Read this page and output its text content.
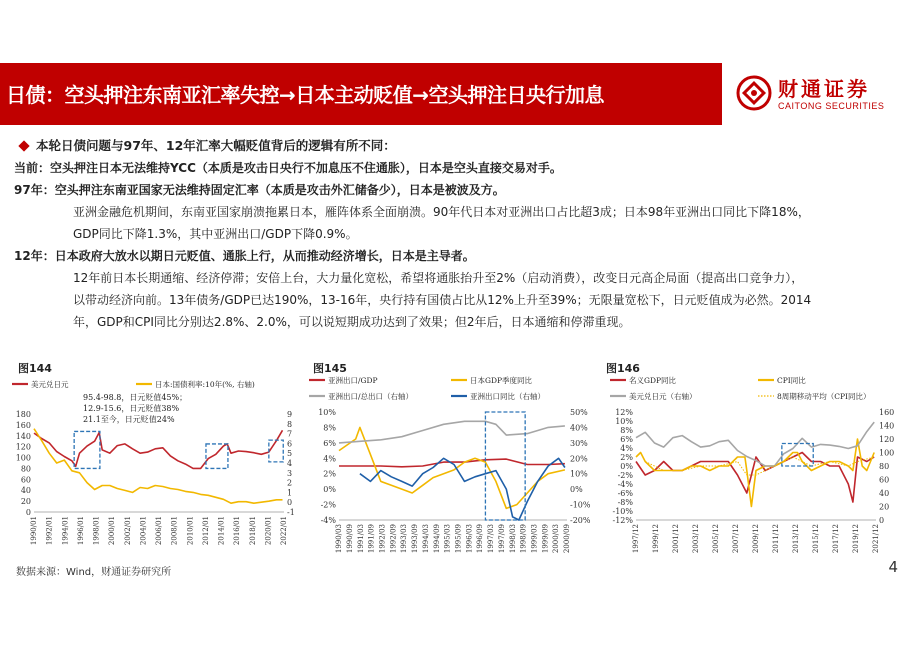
日债：空头押注东南亚汇率失控→日本主动贬值→空头押注日央行加息	财通证券
CAITONG SECURITIES
本轮日债问题与97年、12年汇率大幅贬值背后的逻辑有所不同：
当前：空头押注日本无法维持YCC（本质是攻击日央行不加息压不住通胀），日本是空头直接交易对手。
97年：空头押注东南亚国家无法维持固定汇率（本质是攻击外汇储备少），日本是被波及方。
亚洲金融危机期间，东南亚国家崩溃拖累日本，雁阵体系全面崩溃。90年代日本对亚洲出口占比超3成；日本98年亚洲出口同比下降18%，
GDP同比下降1.3%，其中亚洲出口/GDP下降0.9%。
12年：日本政府大放水以期日元贬值、通胀上行，从而推动经济增长，日本是主导者。
12年前日本长期通缩、经济停滞；安倍上台，大力量化宽松，希望将通胀抬升至2%（启动消费），改变日元高企局面（提高出口竞争力），
以带动经济向前。13年债务/GDP已达190%，13-16年，央行持有国债占比从12%上升至39%；无限量宽松下，日元贬值成为必然。2014
年，GDP和CPI同比分别达2.8%、2.0%，可以说短期成功达到了效果；但2年后，日本通缩和停滞重现。
图144	图145	图146
0
20
40
60
80
100
120
140
160
180
-1
0
1
2
3
4
5
6
7
8
9
1990/01 1992/01 1994/01 1996/01 1998/01 2000/01 2002/01 2004/01 2006/01 2008/01 2010/01 2012/01 2014/01 2016/01 2018/01 2020/01 2022/01
美元兑日元	日本:国债利率:10年(%, 右轴)
95.4-98.8，日元贬值45%；
12.9-15.6，日元贬值38%
21.1至今，日元贬值24%
-4%
-2%
0%
2%
4%
6%
8%
10%
-20%
-10%
0%
10%
20%
30%
40%
50%
1990/03 1990/09 1991/03 1991/09 1992/03 1992/09 1993/03 1993/09 1994/03 1994/09 1995/03 1995/09 1996/03 1996/09 1997/03 1997/09 1998/03 1998/09 1999/03 1999/09 2000/03 2000/09
亚洲出口/GDP	日本GDP季度同比
亚洲出口/总出口（右轴）	亚洲出口同比（右轴）
-12%
-10%
-8%
-6%
-4%
-2%
0%
2%
4%
6%
8%
10%
12%
0
20
40
60
80
100
120
140
160
1997/12 1999/12 2001/12 2003/12 2005/12 2007/12 2009/12 2011/12 2013/12 2015/12 2017/12 2019/12 2021/12
名义GDP同比	CPI同比
美元兑日元（右轴）	8周期移动平均（CPI同比）
数据来源：Wind，财通证券研究所	4
